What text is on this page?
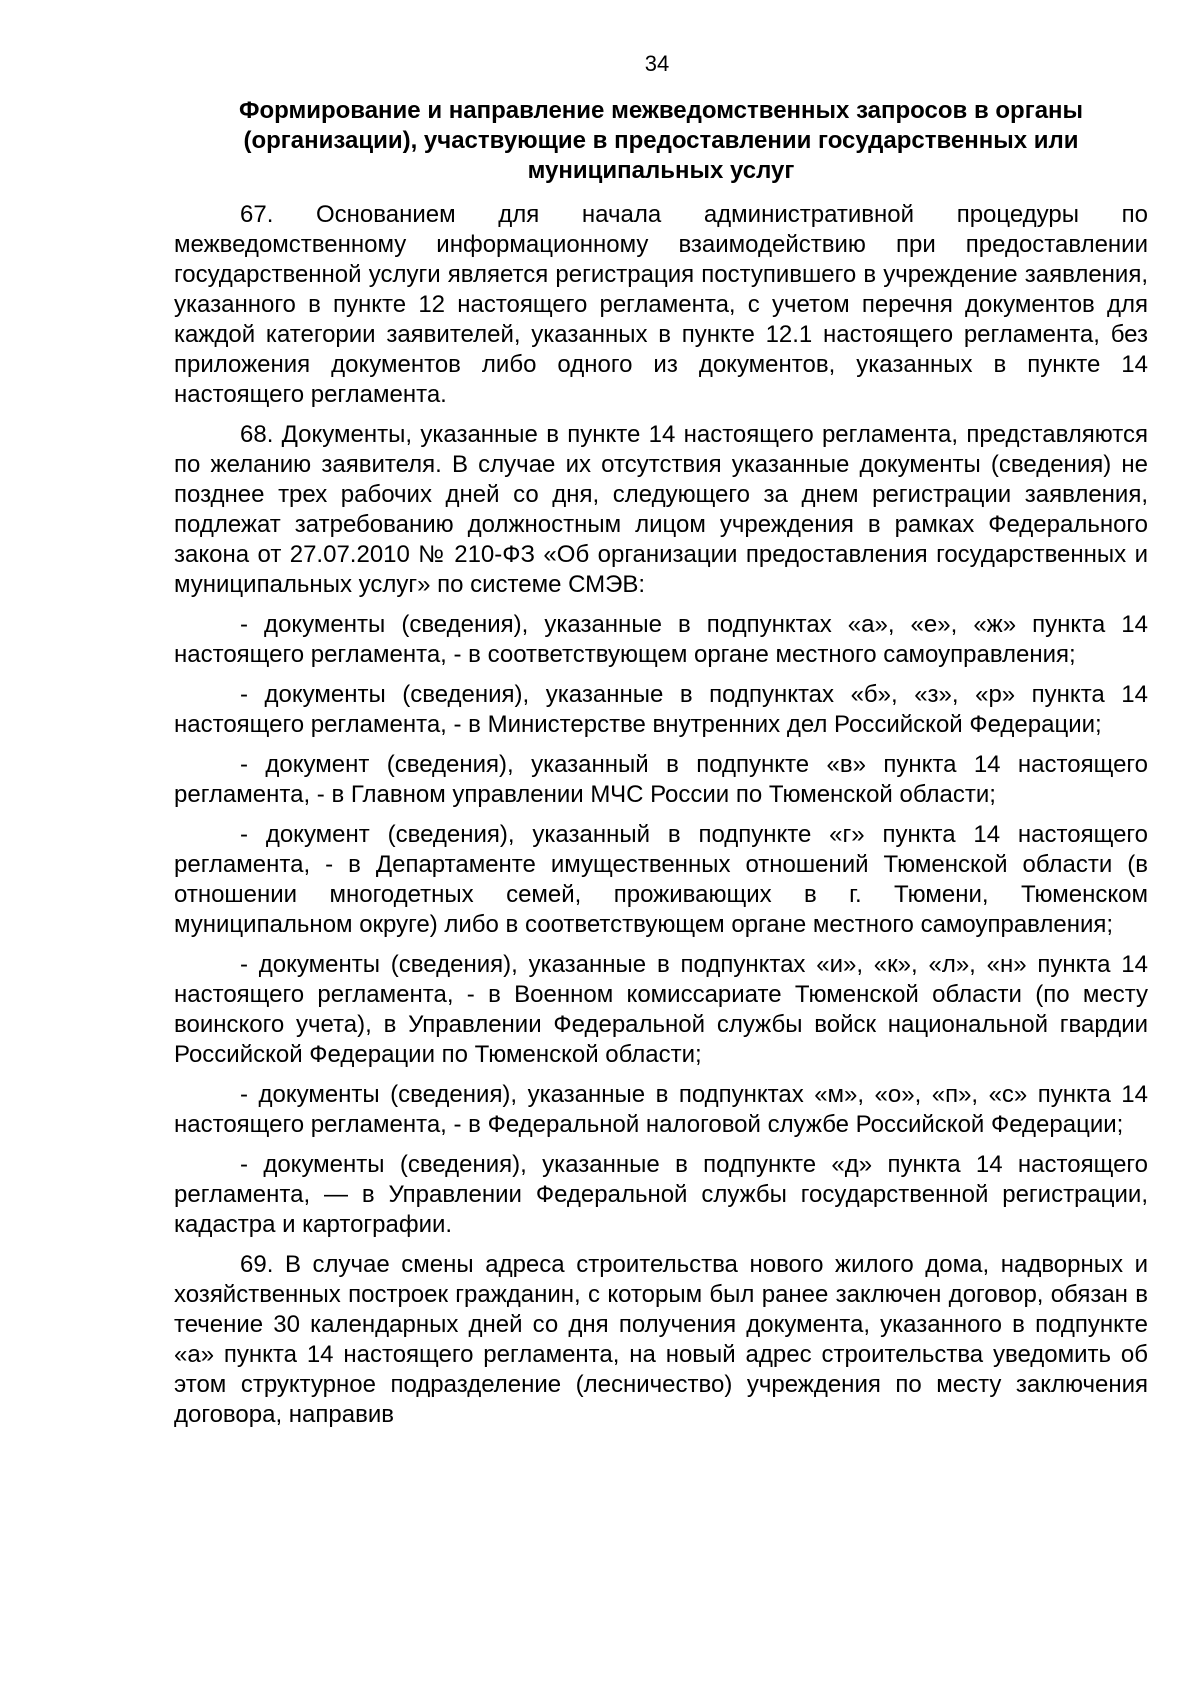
34
Формирование и направление межведомственных запросов в органы (организации), участвующие в предоставлении государственных или муниципальных услуг

67. Основанием для начала административной процедуры по межведомственному информационному взаимодействию при предоставлении государственной услуги является регистрация поступившего в учреждение заявления, указанного в пункте 12 настоящего регламента, с учетом перечня документов для каждой категории заявителей, указанных в пункте 12.1 настоящего регламента, без приложения документов либо одного из документов, указанных в пункте 14 настоящего регламента.

68. Документы, указанные в пункте 14 настоящего регламента, представляются по желанию заявителя. В случае их отсутствия указанные документы (сведения) не позднее трех рабочих дней со дня, следующего за днем регистрации заявления, подлежат затребованию должностным лицом учреждения в рамках Федерального закона от 27.07.2010 № 210-ФЗ «Об организации предоставления государственных и муниципальных услуг» по системе СМЭВ:

- документы (сведения), указанные в подпунктах «а», «е», «ж» пункта 14 настоящего регламента, - в соответствующем органе местного самоуправления;

- документы (сведения), указанные в подпунктах «б», «з», «р» пункта 14 настоящего регламента, - в Министерстве внутренних дел Российской Федерации;

- документ (сведения), указанный в подпункте «в» пункта 14 настоящего регламента, - в Главном управлении МЧС России по Тюменской области;

- документ (сведения), указанный в подпункте «г» пункта 14 настоящего регламента, - в Департаменте имущественных отношений Тюменской области (в отношении многодетных семей, проживающих в г. Тюмени, Тюменском муниципальном округе) либо в соответствующем органе местного самоуправления;

- документы (сведения), указанные в подпунктах «и», «к», «л», «н» пункта 14 настоящего регламента, - в Военном комиссариате Тюменской области (по месту воинского учета), в Управлении Федеральной службы войск национальной гвардии Российской Федерации по Тюменской области;

- документы (сведения), указанные в подпунктах «м», «о», «п», «с» пункта 14 настоящего регламента, - в Федеральной налоговой службе Российской Федерации;

- документы (сведения), указанные в подпункте «д» пункта 14 настоящего регламента, — в Управлении Федеральной службы государственной регистрации, кадастра и картографии.

69. В случае смены адреса строительства нового жилого дома, надворных и хозяйственных построек гражданин, с которым был ранее заключен договор, обязан в течение 30 календарных дней со дня получения документа, указанного в подпункте «а» пункта 14 настоящего регламента, на новый адрес строительства уведомить об этом структурное подразделение (лесничество) учреждения по месту заключения договора, направив
